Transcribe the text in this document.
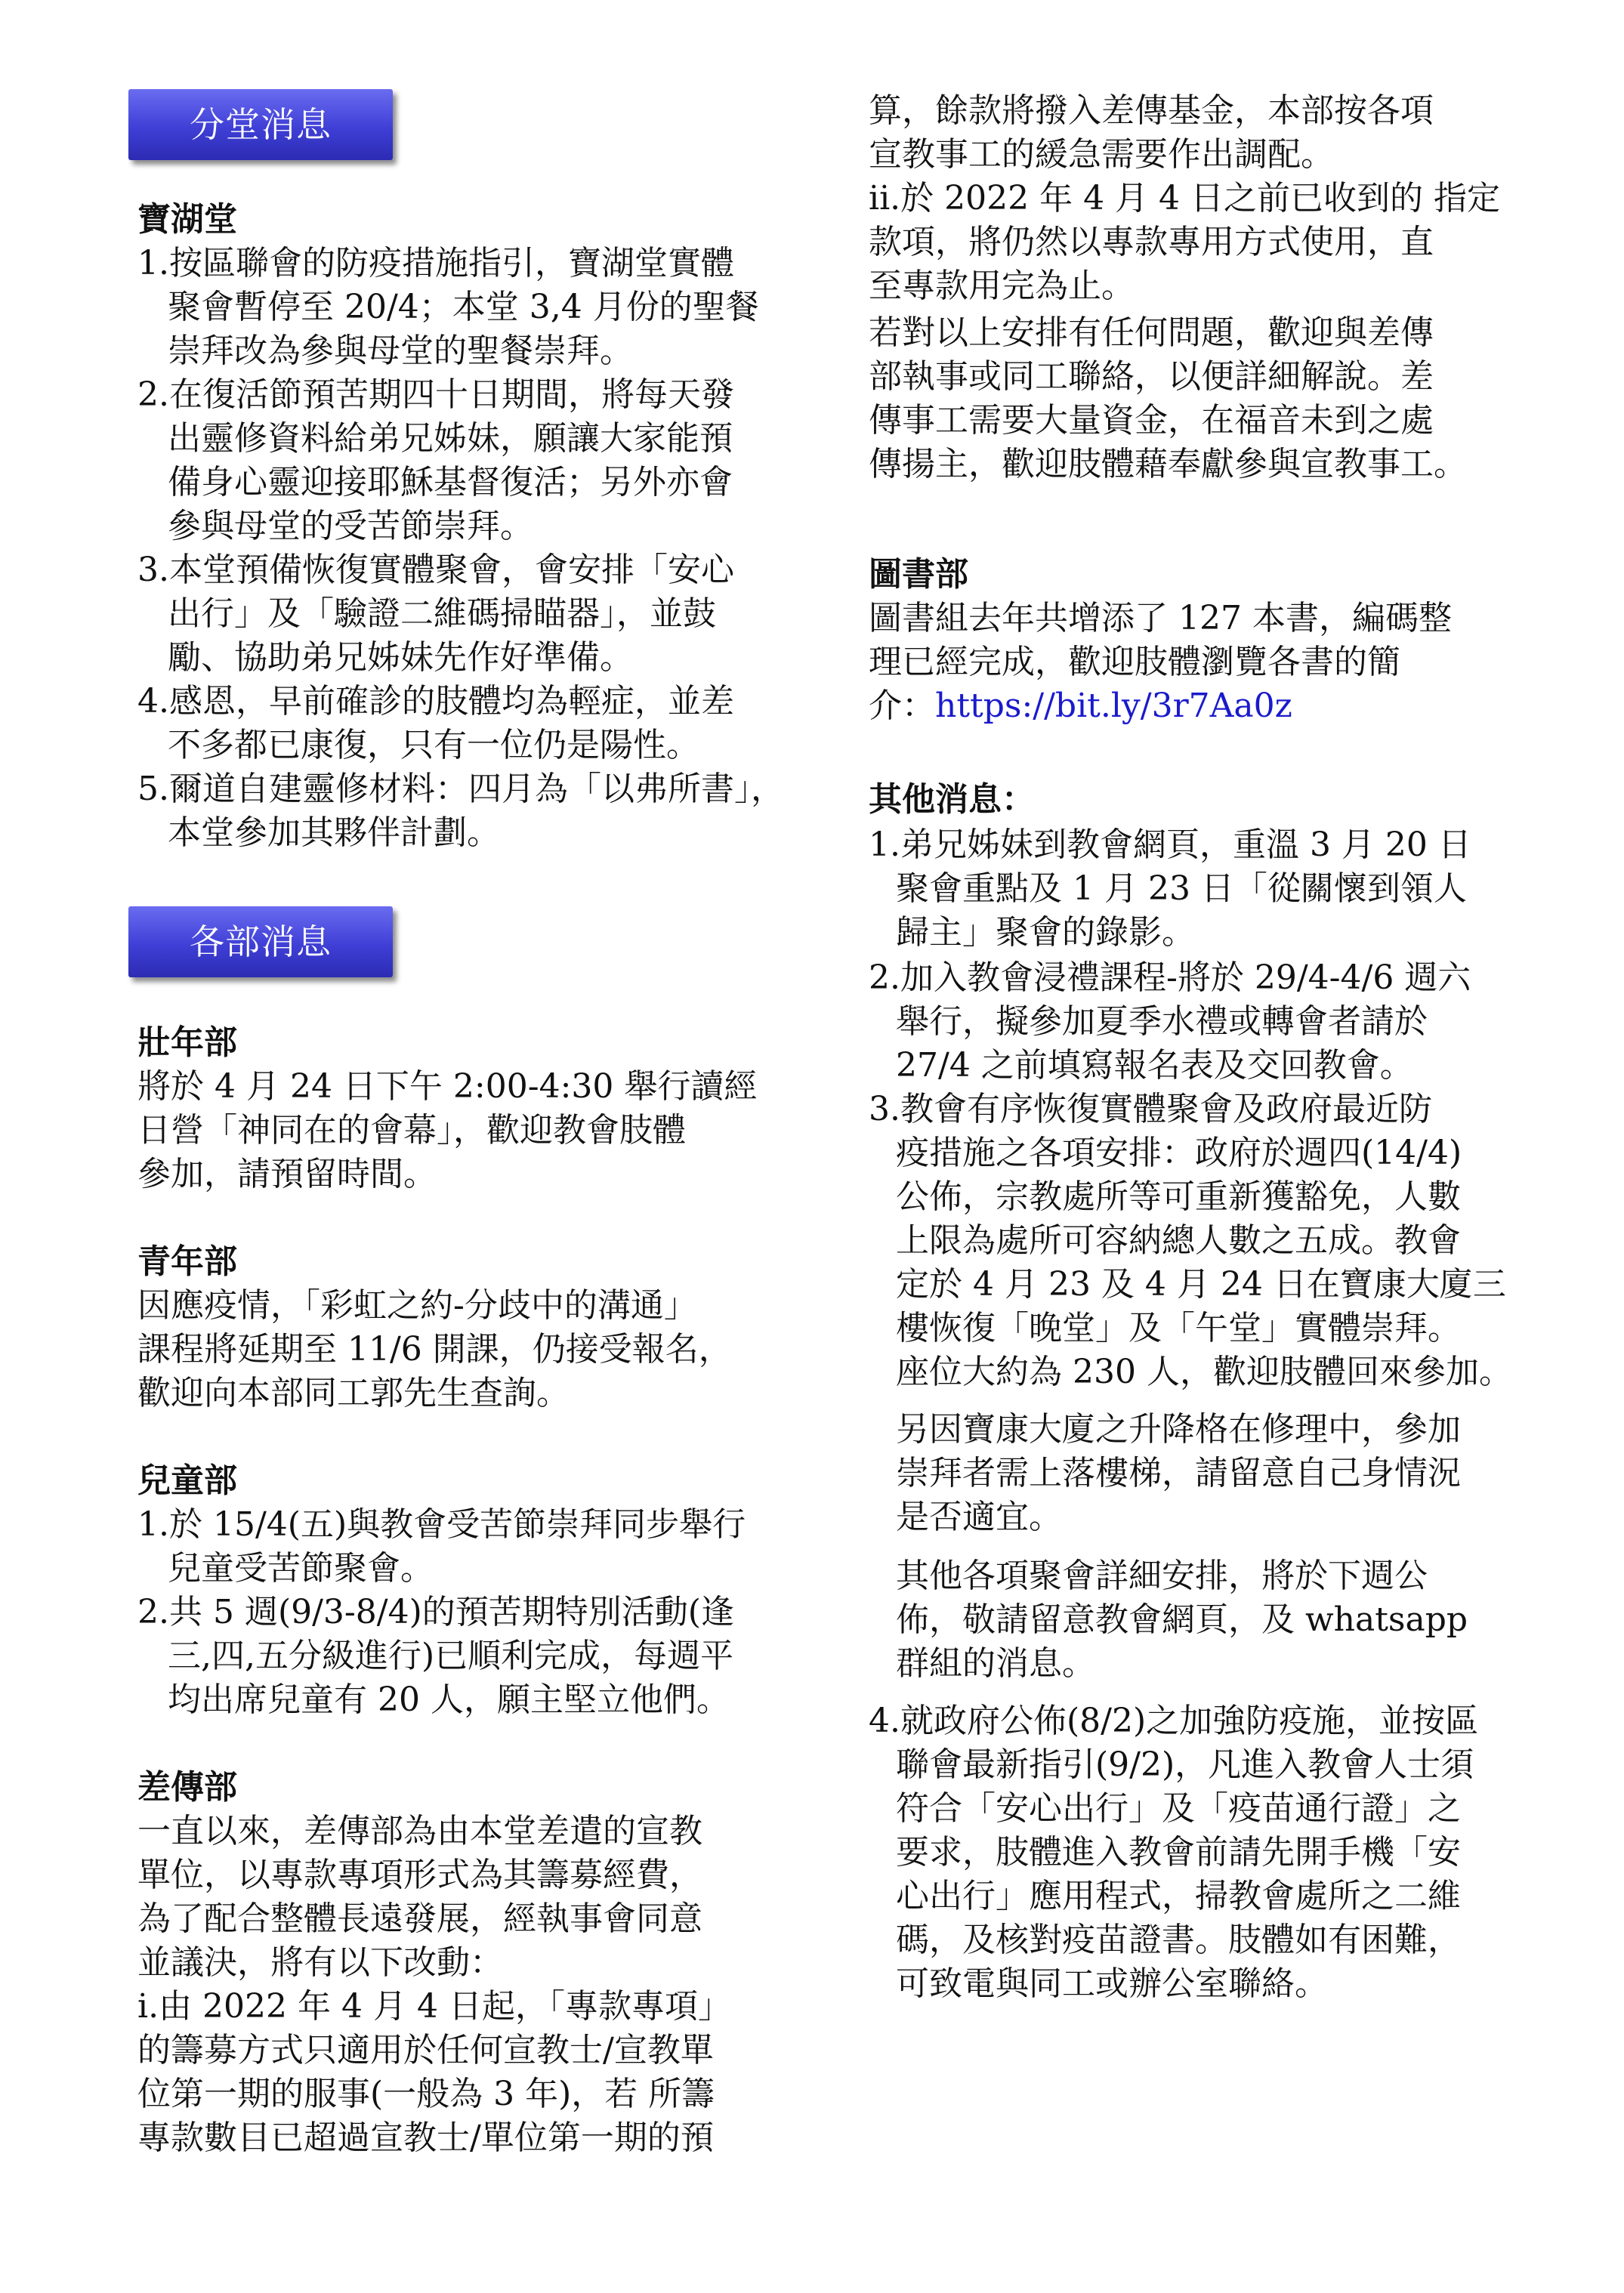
分堂消息
寶湖堂

1.按區聯會的防疫措施指引，寶湖堂實體

聚會暫停至 20/4；本堂 3,4 月份的聖餐

崇拜改為參與母堂的聖餐崇拜。

2.在復活節預苦期四十日期間，將每天發

出靈修資料給弟兄姊妹，願讓大家能預

備身心靈迎接耶穌基督復活；另外亦會

參與母堂的受苦節崇拜。

3.本堂預備恢復實體聚會，會安排「安心

出行」及「驗證二維碼掃瞄器」，並鼓

勵、協助弟兄姊妹先作好準備。

4.感恩，早前確診的肢體均為輕症，並差

不多都已康復，只有一位仍是陽性。

5.爾道自建靈修材料：四月為「以弗所書」，

本堂參加其夥伴計劃。

各部消息
壯年部

將於 4 月 24 日下午 2:00-4:30 舉行讀經

日營「神同在的會幕」，歡迎教會肢體

參加，請預留時間。

青年部

因應疫情，「彩虹之約-分歧中的溝通」

課程將延期至 11/6 開課，仍接受報名，

歡迎向本部同工郭先生查詢。

兒童部

1.於 15/4(五)與教會受苦節崇拜同步舉行

兒童受苦節聚會。

2.共 5 週(9/3-8/4)的預苦期特別活動(逢

三,四,五分級進行)已順利完成，每週平

均出席兒童有 20 人，願主堅立他們。

差傳部

一直以來，差傳部為由本堂差遣的宣教

單位，以專款專項形式為其籌募經費，

為了配合整體長遠發展，經執事會同意

並議決，將有以下改動：

i.由 2022 年 4 月 4 日起，「專款專項」

的籌募方式只適用於任何宣教士/宣教單

位第一期的服事(一般為 3 年)，若 所籌

專款數目已超過宣教士/單位第一期的預

算，餘款將撥入差傳基金，本部按各項

宣教事工的緩急需要作出調配。

ii.於 2022 年 4 月 4 日之前已收到的 指定

款項，將仍然以專款專用方式使用，直

至專款用完為止。

若對以上安排有任何問題，歡迎與差傳

部執事或同工聯絡，以便詳細解說。差

傳事工需要大量資金，在福音未到之處

傳揚主，歡迎肢體藉奉獻參與宣教事工。

圖書部

圖書組去年共增添了 127 本書，編碼整

理已經完成，歡迎肢體瀏覽各書的簡

介：https://bit.ly/3r7Aa0z

其他消息：

1.弟兄姊妹到教會網頁，重溫 3 月 20 日

聚會重點及 1 月 23 日「從關懷到領人

歸主」聚會的錄影。

2.加入教會浸禮課程-將於 29/4-4/6 週六

舉行，擬參加夏季水禮或轉會者請於

27/4 之前填寫報名表及交回教會。

3.教會有序恢復實體聚會及政府最近防

疫措施之各項安排：政府於週四(14/4)

公佈，宗教處所等可重新獲豁免，人數

上限為處所可容納總人數之五成。教會

定於 4 月 23 及 4 月 24 日在寶康大廈三

樓恢復「晚堂」及「午堂」實體崇拜。

座位大約為 230 人，歡迎肢體回來參加。

另因寶康大廈之升降格在修理中，參加

崇拜者需上落樓梯，請留意自己身情況

是否適宜。

其他各項聚會詳細安排，將於下週公

佈，敬請留意教會網頁，及 whatsapp

群組的消息。

4.就政府公佈(8/2)之加強防疫施，並按區

聯會最新指引(9/2)，凡進入教會人士須

符合「安心出行」及「疫苗通行證」之

要求，肢體進入教會前請先開手機「安

心出行」應用程式，掃教會處所之二維

碼，及核對疫苗證書。肢體如有困難，

可致電與同工或辦公室聯絡。
